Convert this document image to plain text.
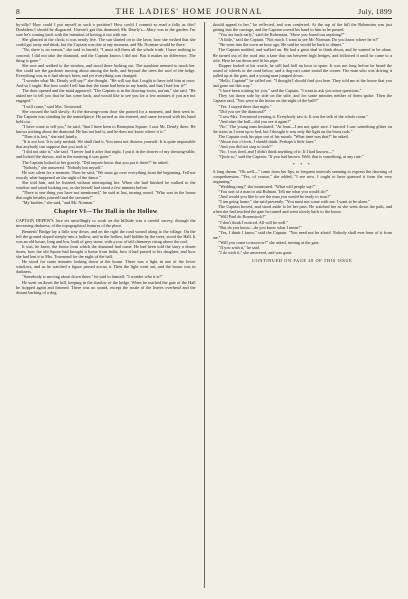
8	THE LADIES' HOME JOURNAL	July, 1899

by-silly? How could I put myself in such a position? How could I commit so mad a folly as this? Doubtless I should be disgraced. I haven't got this diamond; Mr. Dearly's—Mary was in the garden. I'm sure he's coming back with the intention of having it out with me.

She glanced at the clock; it was nearly five. The sun slanted on to the lawn; how she wished that she could get away and think, but the Captain was due at any moment, and Mr. Norman would be there.

"No, there is no reason," she said to herself. "I must tell them all the whole truth. I have nothing to conceal; I did not take the diamond, and the Captain knows I did not. But it makes no difference. The thing is gone."

She rose and walked to the window, and stood there looking out. The sunshine seemed to mock her. She could see the gardener moving about among the beds, and beyond the trees the roof of the lodge. Everything was as it had always been, and yet everything was changed.

"I wonder what Mr. Dearly will say?" she thought. "He will say that I ought to have told him at once. And so I ought. But how could I tell him that the stone had been in my hands, and that I had lost it?"

The door opened and the maid appeared. "The Captain is in the drawing-room, ma'am," she said. "He asked me to tell you that he has come back, and would like to see you for a few minutes if you are not engaged."

"I will come," said Mrs. Townsend.

She crossed the hall slowly. At the drawing-room door she paused for a moment, and then went in. The Captain was standing by the mantelpiece. He turned as she entered, and came forward with his hand held out.

"I have come to tell you," he said, "that I have been to Brompton Square. I saw Mr. Dearly there. He knows nothing about the diamond. He has not had it, and he does not know where it is."

"Then it is lost," she said faintly.

"It is not lost. It is only mislaid. We shall find it. You must not distress yourself. It is quite impossible that anybody can suppose that you took it."

"I did not take it," she said. "I never had it after that night. I put it in the drawer of my dressing-table, and locked the drawer, and in the morning it was gone."

The Captain looked at her gravely. "Did anyone know that you put it there?" he asked.

"Nobody," she answered. "Nobody but myself."

He was silent for a moment. Then he said, "We must go over everything from the beginning. Tell me exactly what happened on the night of the dance."

She told him, and he listened without interrupting her. When she had finished he walked to the window and stood looking out, as she herself had stood a few minutes before.

"There is one thing you have not mentioned," he said at last, turning round. "Who was in the house that night besides yourself and the servants?"

"My brother," she said, "and Mr. Norman."

Chapter VI—The Hall in the Hollow

CAPTAIN DEPEW'S face set unwillingly to work on the hillside was a careful survey, through the increasing darkness, of the topographical features of the place.

Bennetts' Bridge lay a little way down, and on the right the road wound along to the village. On the left the ground sloped steeply into a hollow, and in the hollow, half hidden by the trees, stood the Hall. It was an old house, long and low, built of grey stone, with a row of tall chimneys rising above the roof.

It was, he knew, the house from which the diamond had come. He had been told the story a dozen times; how the old Squire had brought it home from India, how it had passed to his daughter, and how she had lent it to Mrs. Townsend for the night of the ball.

He stood for some minutes looking down at the house. There was a light in one of the lower windows, and as he watched a figure passed across it. Then the light went out, and the house was in darkness.

"Somebody is moving about down there," he said to himself. "I wonder who it is?"

He went on down the hill, keeping in the shadow of the hedge. When he reached the gate of the Hall he stopped again and listened. There was no sound, except the rustle of the leaves overhead and the distant barking of a dog.

should appeal to her," he reflected, and was conferred. At the top of the hill the Bohemian was just getting into the carriage, and the Captain waved his hand to him as he passed.

"You are back early," said the Bohemian. "Have you found out anything?"

"A little," said the Captain. "Not much. I want to see Mr. Norman. Do you know where he is?"

"He went into the town an hour ago. He said he would be back to dinner."

The Captain nodded, and walked on. He had a great deal to think about, and he wanted to be alone. He turned out of the road into a lane that ran between high hedges, and followed it until he came to a stile. Here he sat down and lit his pipe.

Dopper looked at his watch; he still had half an hour to spare. It was not long before he heard the sound of wheels in the road below, and a dog-cart came round the corner. The man who was driving it pulled up at the gate, and a young man jumped down.

"Hello, Captain!" he called out. "I thought I should find you here. They told me at the house that you had gone out this way."

"I have been waiting for you," said the Captain. "I want to ask you some questions."

They sat down side by side on the stile, and for some minutes neither of them spoke. Then the Captain said, "You were at the house on the night of the ball?"

"Yes. I stayed there that night."

"Did you see the diamond?"

"I saw Mrs. Townsend wearing it. Everybody saw it. It was the talk of the whole room."

"And after the ball—did you see it again?"

"No." The young man hesitated. "At least—I am not quite sure. I fancied I saw something glitter on the stairs as I went up to bed, but I thought it was only the light on the brass rods."

The Captain took his pipe out of his mouth. "What time was that?" he asked.

"About two o'clock, I should think. Perhaps a little later."

"And you did not stop to look?"

"No. I was tired, and I didn't think anything of it. If I had known—"

"Quite so," said the Captain. "If you had known. Well, that is something, at any rate."

* * *

A long dream. "Oh well—" came from her lips, in frequent intervals seeming to express the dawning of comprehension. "Yes, of course," she added, "I see now. I ought to have guessed it from the very beginning."

"Wedding ring!" she murmured. "What will people say?"

"You sort of a man to ask Bulman. Tell me what you would do?"

"And would you like to see the man you would be ready to trust?"

"I am going home," she said presently. "You must not come with me. I want to be alone."

The Captain bowed, and stood aside to let her pass. He watched her as she went down the path, and when she had reached the gate he turned and went slowly back to the house.

"Will Paul do Rosenstock?"

"I don't think I noticed. All will be well."

"But do you know—do you know what I mean?"

"Yes, I think I know," said the Captain. "You need not be afraid. Nobody shall ever hear of it from me."

"Will you come to-morrow?" she asked, turning at the gate.

"If you wish it," he said.

"I do wish it," she answered, and was gone.

CONTINUED ON PAGE 28 OF THIS ISSUE
